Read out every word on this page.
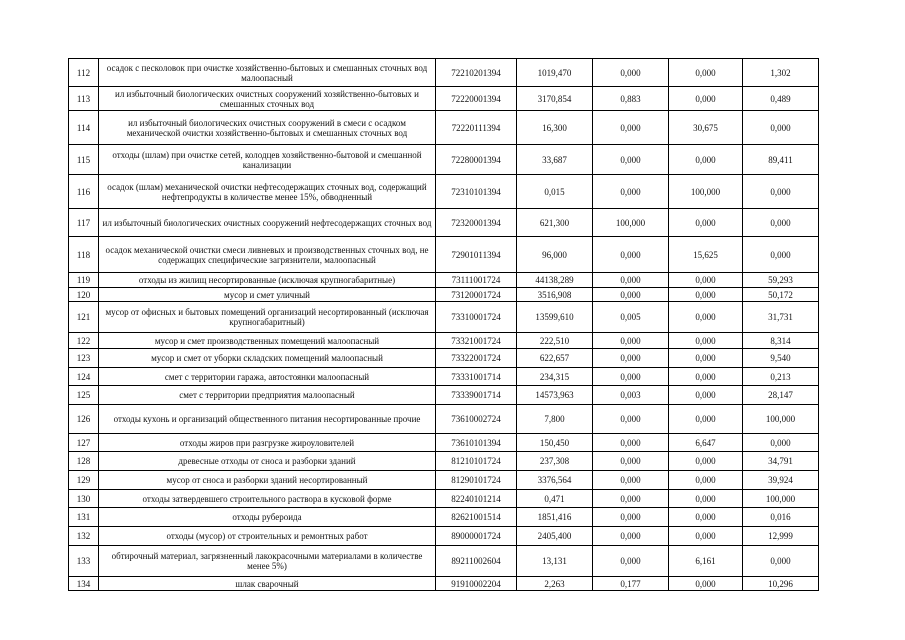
112	осадок с песколовок при очистке хозяйственно-бытовых и смешанных сточных вод малоопасный	72210201394	1019,470	0,000	0,000	1,302
113	ил избыточный биологических очистных сооружений хозяйственно-бытовых и смешанных сточных вод	72220001394	3170,854	0,883	0,000	0,489
114	ил избыточный биологических очистных сооружений в смеси с осадком механической очистки хозяйственно-бытовых и смешанных сточных вод	72220111394	16,300	0,000	30,675	0,000
115	отходы (шлам) при очистке сетей, колодцев хозяйственно-бытовой и смешанной канализации	72280001394	33,687	0,000	0,000	89,411
116	осадок (шлам) механической очистки нефтесодержащих сточных вод, содержащий нефтепродукты в количестве менее 15%, обводненный	72310101394	0,015	0,000	100,000	0,000
117	ил избыточный биологических очистных сооружений нефтесодержащих сточных вод	72320001394	621,300	100,000	0,000	0,000
118	осадок механической очистки смеси ливневых и производственных сточных вод, не содержащих специфические загрязнители, малоопасный	72901011394	96,000	0,000	15,625	0,000
119	отходы из жилищ несортированные (исключая крупногабаритные)	73111001724	44138,289	0,000	0,000	59,293
120	мусор и смет уличный	73120001724	3516,908	0,000	0,000	50,172
121	мусор от офисных и бытовых помещений организаций несортированный (исключая крупногабаритный)	73310001724	13599,610	0,005	0,000	31,731
122	мусор и смет производственных помещений малоопасный	73321001724	222,510	0,000	0,000	8,314
123	мусор и смет от уборки складских помещений малоопасный	73322001724	622,657	0,000	0,000	9,540
124	смет с территории гаража, автостоянки малоопасный	73331001714	234,315	0,000	0,000	0,213
125	смет с территории предприятия малоопасный	73339001714	14573,963	0,003	0,000	28,147
126	отходы кухонь и организаций общественного питания несортированные прочие	73610002724	7,800	0,000	0,000	100,000
127	отходы жиров при разгрузке жироуловителей	73610101394	150,450	0,000	6,647	0,000
128	древесные отходы от сноса и разборки зданий	81210101724	237,308	0,000	0,000	34,791
129	мусор от сноса и разборки зданий несортированный	81290101724	3376,564	0,000	0,000	39,924
130	отходы затвердевшего строительного раствора в кусковой форме	82240101214	0,471	0,000	0,000	100,000
131	отходы рубероида	82621001514	1851,416	0,000	0,000	0,016
132	отходы (мусор) от строительных и ремонтных работ	89000001724	2405,400	0,000	0,000	12,999
133	обтирочный материал, загрязненный лакокрасочными материалами в количестве менее 5%)	89211002604	13,131	0,000	6,161	0,000
134	шлак сварочный	91910002204	2,263	0,177	0,000	10,296
